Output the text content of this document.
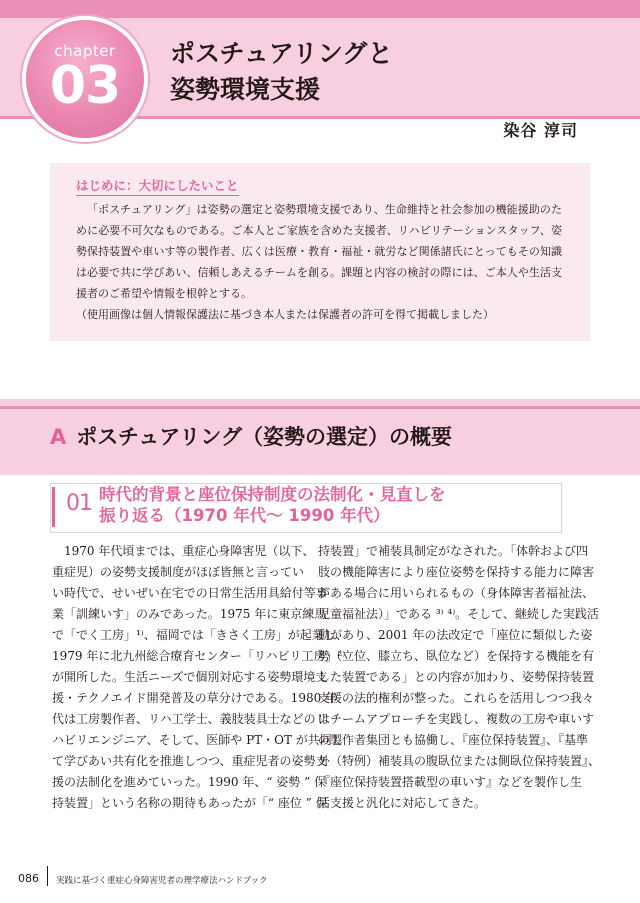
chapter
03
ポスチュアリングと
姿勢環境支援
染谷 淳司
はじめに：大切にしたいこと

「ポスチュアリング」は姿勢の選定と姿勢環境支援であり、生命維持と社会参加の機能援助のために必要不可欠なものである。ご本人とご家族を含めた支援者、リハビリテーションスタッフ、姿勢保持装置や車いす等の製作者、広くは医療・教育・福祉・就労など関係諸氏にとってもその知識は必要で共に学びあい、信頼しあえるチームを創る。課題と内容の検討の際には、ご本人や生活支援者のご希望や情報を根幹とする。

（使用画像は個人情報保護法に基づき本人または保護者の許可を得て掲載しました）

A ポスチュアリング（姿勢の選定）の概要
01 時代的背景と座位保持制度の法制化・見直しを
振り返る（1970 年代～ 1990 年代）
　1970 年代頃までは、重症心身障害児（以下、
重症児）の姿勢支援制度がほぼ皆無と言ってい
い時代で、せいぜい在宅での日常生活用具給付等事
業「訓練いす」のみであった。1975 年に東京練馬
で「でく工房」¹⁾、福岡では「きさく工房」が起業し、
1979 年に北九州総合療育センター「リハビリ工房」²⁾
が開所した。生活ニーズで個別対応する姿勢環境支
援・テクノエイド開発普及の草分けである。1980 年
代は工房製作者、リハ工学士、義肢装具士などのリ
ハビリエンジニア、そして、医師や PT・OT が共同し
て学びあい共有化を推進しつつ、重症児者の姿勢支
援の法制化を進めていった。1990 年、“ 姿勢 ” 保
持装置」という名称の期待もあったが「“ 座位 ” 保
持装置」で補装具制定がなされた。「体幹および四
肢の機能障害により座位姿勢を保持する能力に障害
がある場合に用いられるもの（身体障害者福祉法、
児童福祉法）」である ³⁾ ⁴⁾。そして、継続した実践活
動があり、2001 年の法改定で「座位に類似した姿
勢（立位、膝立ち、臥位など）を保持する機能を有
した装置である」との内容が加わり、姿勢保持装置
支援の法的権利が整った。これらを活用しつつ我々
はチームアプローチを実践し、複数の工房や車いす
の製作者集団とも協働し、『座位保持装置』、『基準
外（特例）補装具の腹臥位または側臥位保持装置』、
『座位保持装置搭載型の車いす』などを製作し生
活支援と汎化に対応してきた。
086 実践に基づく重症心身障害児者の理学療法ハンドブック
